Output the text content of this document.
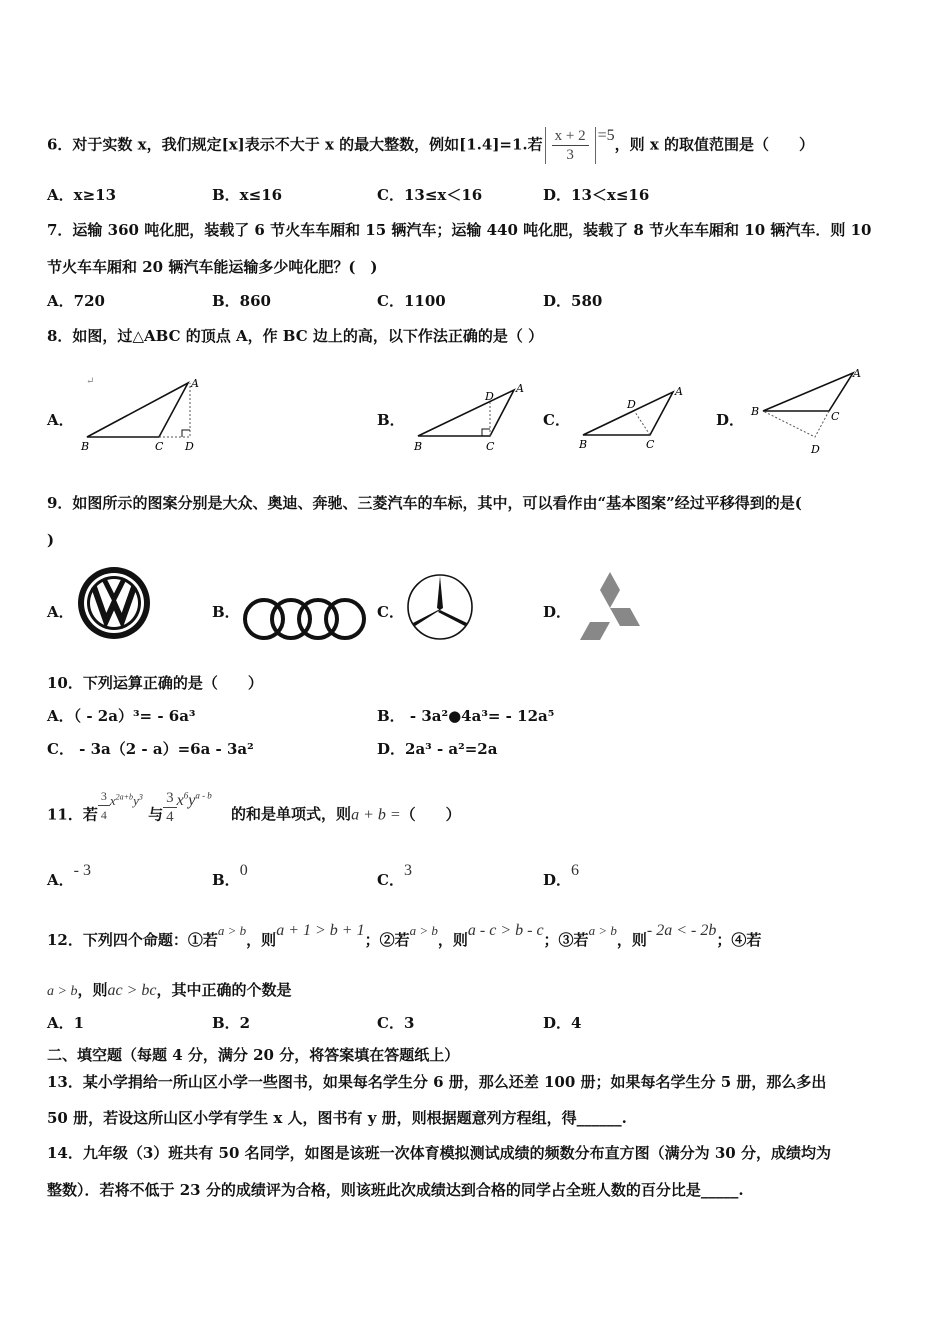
6．对于实数 x，我们规定[x]表示不大于 x 的最大整数，例如[1.4]=1.若 $\frac{x + 2}{3} =5$，则 x 的取值范围是（　　）
A．x≥13	B．x≤16	C．13≤x＜16	D．13＜x≤16
7．运输 360 吨化肥，装载了 6 节火车车厢和 15 辆汽车；运输 440 吨化肥，装载了 8 节火车车厢和 10 辆汽车．则 10
节火车车厢和 20 辆汽车能运输多少吨化肥？(　)
A．720	B．860	C．1100	D．580
8．如图，过△ABC 的顶点 A，作 BC 边上的高，以下作法正确的是（ ）
A．	B．	C．	D．
↵
B	C D
A
B	C
D
A
B	C
D
A
B	C
D
A
9．如图所示的图案分别是大众、奥迪、奔驰、三菱汽车的车标，其中，可以看作由“基本图案”经过平移得到的是(
)
A．	B．	C．	D．
10．下列运算正确的是（　　）
A．（ - 2a）³= - 6a³	B． - 3a²●4a³= - 12a⁵
C． - 3a（2 - a）=6a - 3a²	D．2a³ - a²=2a
11．若 $\frac{3}{4} x^{2a+b}y^3$ 与 $\frac{3}{4} x^6y^{a - b}$ 的和是单项式，则a + b =（　　）
A．- 3
B．0
C．3
D．6
12．下列四个命题：①若a > b，则a + 1 > b + 1；②若a > b，则a - c > b - c；③若a > b，则- 2a < - 2b；④若
a > b，则ac > bc，其中正确的个数是
A．1	B．2	C．3	D．4
二、填空题（每题 4 分，满分 20 分，将答案填在答题纸上）
13．某小学捐给一所山区小学一些图书，如果每名学生分 6 册，那么还差 100 册；如果每名学生分 5 册，那么多出
50 册，若设这所山区小学有学生 x 人，图书有 y 册，则根据题意列方程组，得______.
14．九年级（3）班共有 50 名同学，如图是该班一次体育模拟测试成绩的频数分布直方图（满分为 30 分，成绩均为
整数）．若将不低于 23 分的成绩评为合格，则该班此次成绩达到合格的同学占全班人数的百分比是_____.
